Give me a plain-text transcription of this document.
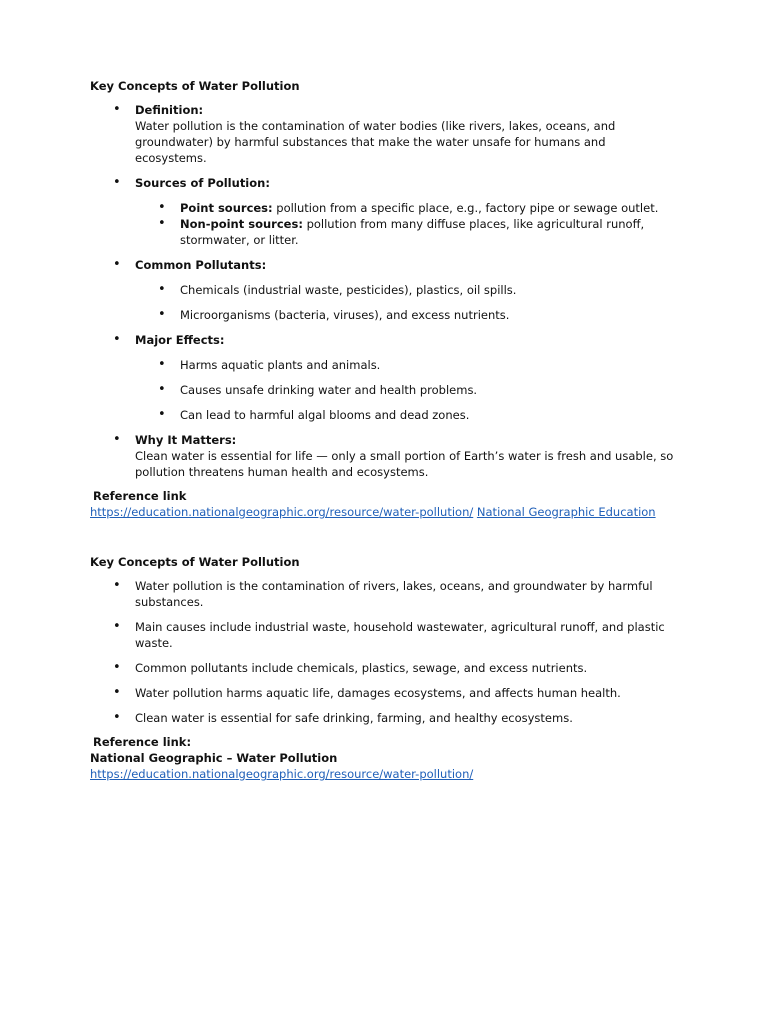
Key Concepts of Water Pollution
• Definition:
Water pollution is the contamination of water bodies (like rivers, lakes, oceans, and groundwater) by harmful substances that make the water unsafe for humans and ecosystems.
• Sources of Pollution:
• Point sources: pollution from a specific place, e.g., factory pipe or sewage outlet.
• Non-point sources: pollution from many diffuse places, like agricultural runoff, stormwater, or litter.
• Common Pollutants:
• Chemicals (industrial waste, pesticides), plastics, oil spills.
• Microorganisms (bacteria, viruses), and excess nutrients.
• Major Effects:
• Harms aquatic plants and animals.
• Causes unsafe drinking water and health problems.
• Can lead to harmful algal blooms and dead zones.
• Why It Matters:
Clean water is essential for life — only a small portion of Earth’s water is fresh and usable, so pollution threatens human health and ecosystems.
Reference link
https://education.nationalgeographic.org/resource/water-pollution/ National Geographic Education
Key Concepts of Water Pollution
• Water pollution is the contamination of rivers, lakes, oceans, and groundwater by harmful substances.
• Main causes include industrial waste, household wastewater, agricultural runoff, and plastic waste.
• Common pollutants include chemicals, plastics, sewage, and excess nutrients.
• Water pollution harms aquatic life, damages ecosystems, and affects human health.
• Clean water is essential for safe drinking, farming, and healthy ecosystems.
Reference link:
National Geographic – Water Pollution
https://education.nationalgeographic.org/resource/water-pollution/
